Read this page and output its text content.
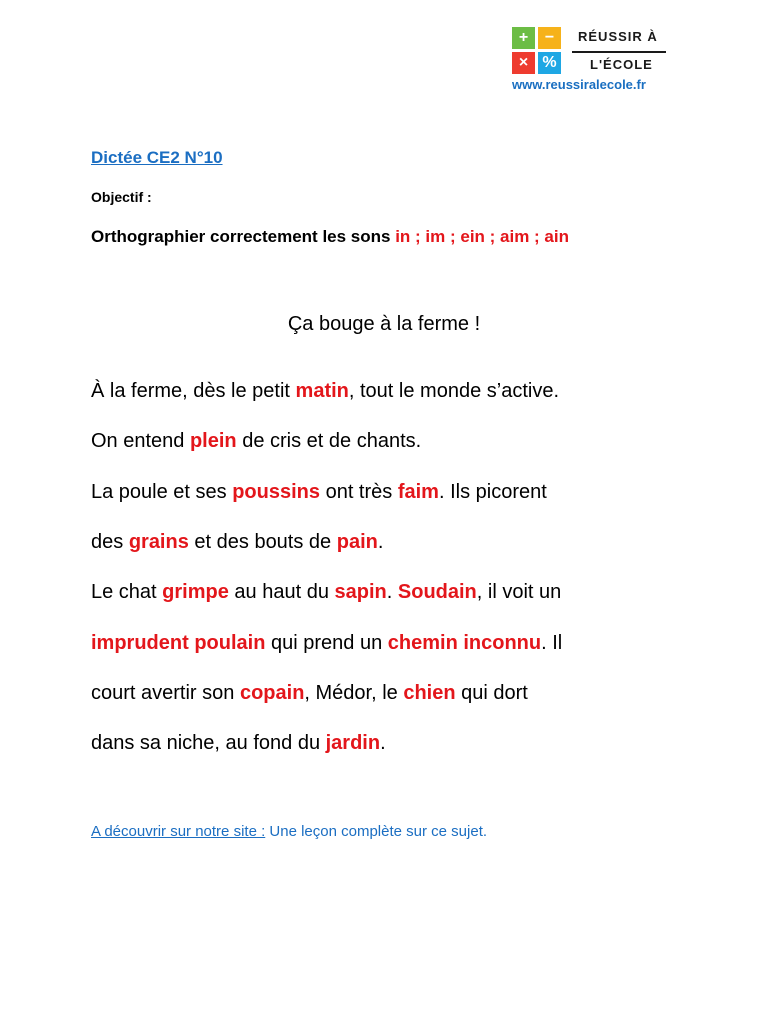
+	−
× %
RÉUSSIR À
L'ÉCOLE
www.reussiralecole.fr
Dictée CE2 N°10
Objectif :
Orthographier correctement les sons in ; im ; ein ; aim ; ain
Ça bouge à la ferme !
À la ferme, dès le petit matin, tout le monde s’active.
On entend plein de cris et de chants.
La poule et ses poussins ont très faim. Ils picorent
des grains et des bouts de pain.
Le chat grimpe au haut du sapin. Soudain, il voit un
imprudent poulain qui prend un chemin inconnu. Il
court avertir son copain, Médor, le chien qui dort
dans sa niche, au fond du jardin.
A découvrir sur notre site : Une leçon complète sur ce sujet.
